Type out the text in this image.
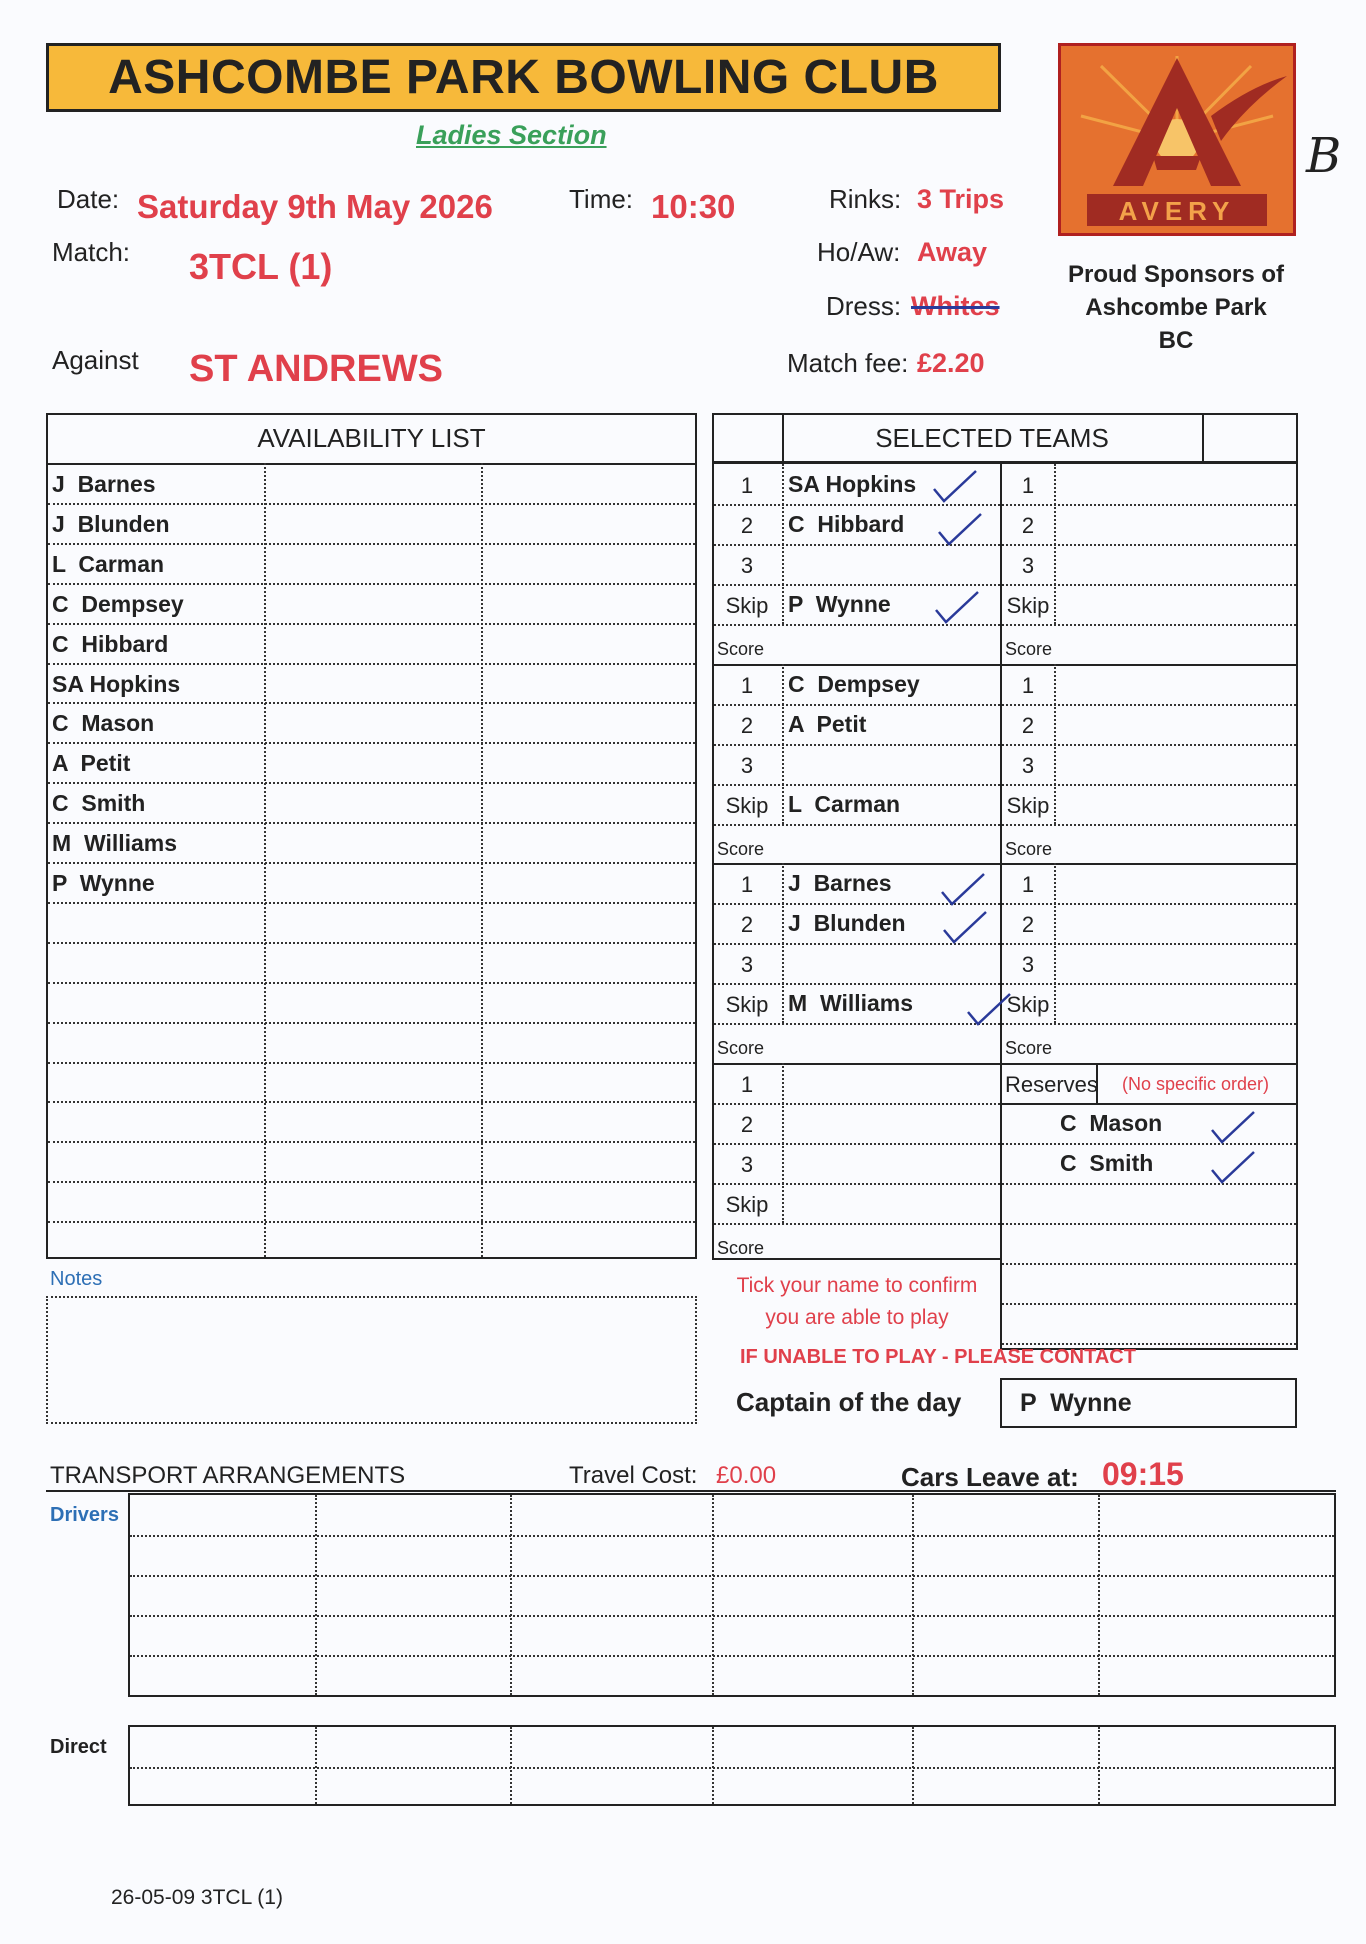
ASHCOMBE PARK BOWLING CLUB
Ladies Section
AVERY
B
Proud Sponsors of
Ashcombe Park
BC
Date: Saturday 9th May 2026	Time: 10:30	Rinks: 3 Trips
Match: 3TCL (1)	Ho/Aw: Away
Dress: Whites
Against ST ANDREWS	Match fee: £2.20
AVAILABILITY LIST
J  Barnes
J  Blunden
L  Carman
C  Dempsey
C  Hibbard
SA Hopkins
C  Mason
A  Petit
C  Smith
M  Williams
P  Wynne
SELECTED TEAMS
1	SA Hopkins
2	C  Hibbard
3
Skip P  Wynne
Score
1	C  Dempsey
2	A  Petit
3
Skip L  Carman
Score
1	J  Barnes
2	J  Blunden
3
Skip M  Williams
Score
1
2
3
Skip
Score
1
2
3
Skip
Score
1
2
3
Skip
Score
1
2
3
Skip
Score
Reserves (No specific order)
C  Mason
C  Smith
Notes	Tick your name to confirm
you are able to play
IF UNABLE TO PLAY - PLEASE CONTACT
Captain of the day P  Wynne
TRANSPORT ARRANGEMENTS	Travel Cost: £0.00	Cars Leave at: 09:15
Drivers
Direct
26-05-09 3TCL (1)
